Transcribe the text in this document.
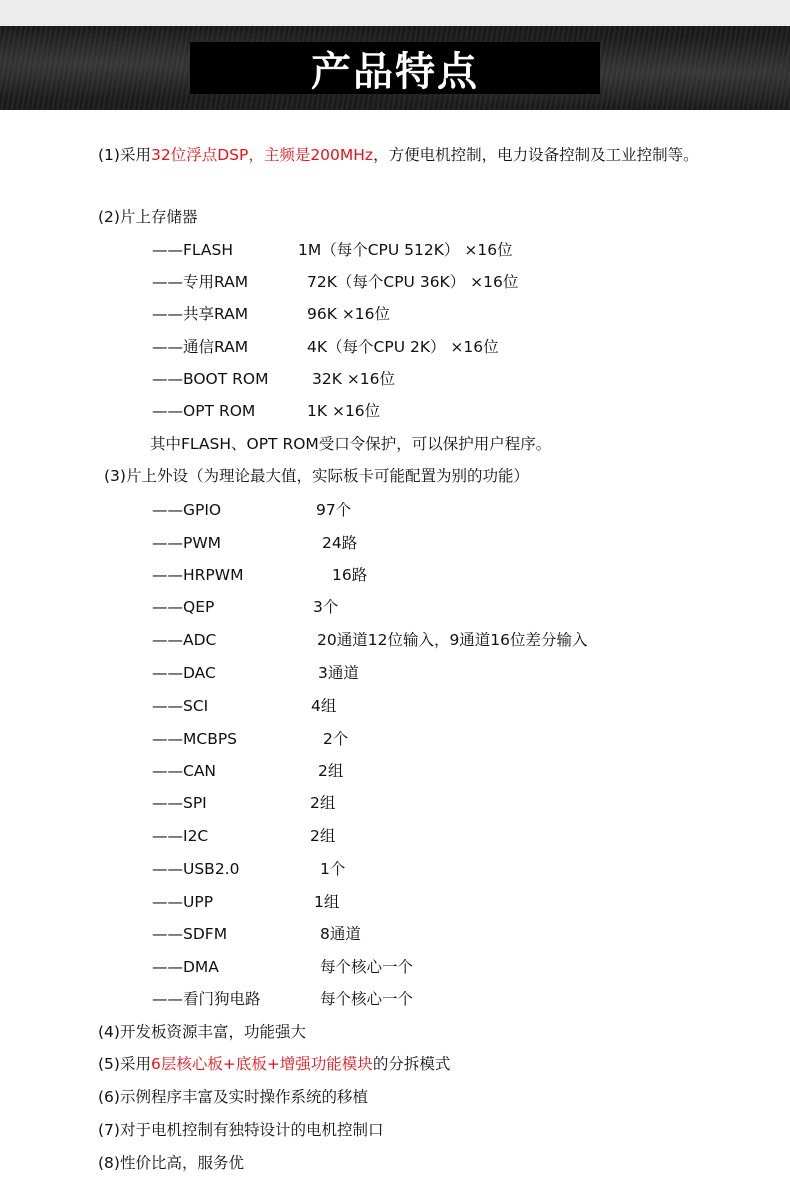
产品特点
(1)采用32位浮点DSP，主频是200MHz，方便电机控制，电力设备控制及工业控制等。
(2)片上存储器
——FLASH	1M（每个CPU 512K） ×16位
——专用RAM	72K（每个CPU 36K） ×16位
——共享RAM	96K ×16位
——通信RAM	4K（每个CPU 2K） ×16位
——BOOT ROM	32K ×16位
——OPT ROM	1K ×16位
其中FLASH、OPT ROM受口令保护，可以保护用户程序。
(3)片上外设（为理论最大值，实际板卡可能配置为别的功能）
——GPIO	97个
——PWM	24路
——HRPWM	16路
——QEP	3个
——ADC	20通道12位输入，9通道16位差分输入
——DAC	3通道
——SCI	4组
——MCBPS	2个
——CAN	2组
——SPI	2组
——I2C	2组
——USB2.0	1个
——UPP	1组
——SDFM	8通道
——DMA	每个核心一个
——看门狗电路	每个核心一个
(4)开发板资源丰富，功能强大
(5)采用6层核心板+底板+增强功能模块的分拆模式
(6)示例程序丰富及实时操作系统的移植
(7)对于电机控制有独特设计的电机控制口
(8)性价比高，服务优
